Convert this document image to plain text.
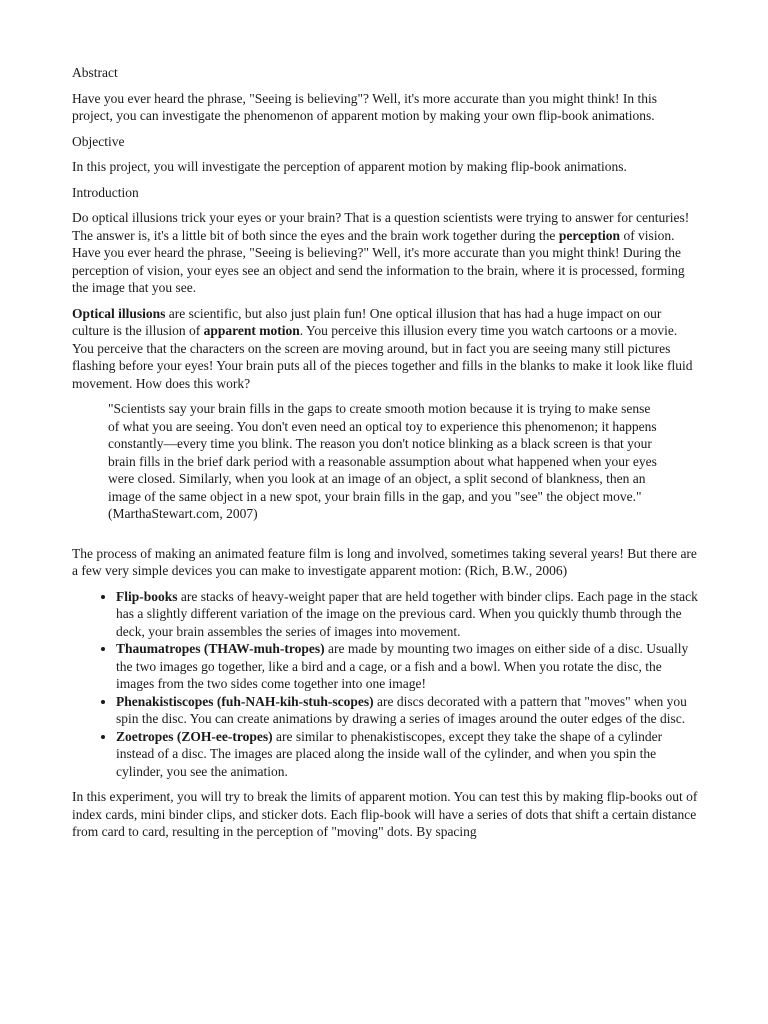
Abstract

Have you ever heard the phrase, "Seeing is believing"? Well, it's more accurate than you might think! In this project, you can investigate the phenomenon of apparent motion by making your own flip-book animations.

Objective

In this project, you will investigate the perception of apparent motion by making flip-book animations.

Introduction

Do optical illusions trick your eyes or your brain? That is a question scientists were trying to answer for centuries! The answer is, it's a little bit of both since the eyes and the brain work together during the perception of vision. Have you ever heard the phrase, "Seeing is believing?" Well, it's more accurate than you might think! During the perception of vision, your eyes see an object and send the information to the brain, where it is processed, forming the image that you see.

Optical illusions are scientific, but also just plain fun! One optical illusion that has had a huge impact on our culture is the illusion of apparent motion. You perceive this illusion every time you watch cartoons or a movie. You perceive that the characters on the screen are moving around, but in fact you are seeing many still pictures flashing before your eyes! Your brain puts all of the pieces together and fills in the blanks to make it look like fluid movement. How does this work?

"Scientists say your brain fills in the gaps to create smooth motion because it is trying to make sense of what you are seeing. You don't even need an optical toy to experience this phenomenon; it happens constantly—every time you blink. The reason you don't notice blinking as a black screen is that your brain fills in the brief dark period with a reasonable assumption about what happened when your eyes were closed. Similarly, when you look at an image of an object, a split second of blankness, then an image of the same object in a new spot, your brain fills in the gap, and you "see" the object move." (MarthaStewart.com, 2007)

The process of making an animated feature film is long and involved, sometimes taking several years! But there are a few very simple devices you can make to investigate apparent motion: (Rich, B.W., 2006)

• Flip-books are stacks of heavy-weight paper that are held together with binder clips. Each page in the stack has a slightly different variation of the image on the previous card. When you quickly thumb through the deck, your brain assembles the series of images into movement.
• Thaumatropes (THAW-muh-tropes) are made by mounting two images on either side of a disc. Usually the two images go together, like a bird and a cage, or a fish and a bowl. When you rotate the disc, the images from the two sides come together into one image!
• Phenakistiscopes (fuh-NAH-kih-stuh-scopes) are discs decorated with a pattern that "moves" when you spin the disc. You can create animations by drawing a series of images around the outer edges of the disc.
• Zoetropes (ZOH-ee-tropes) are similar to phenakistiscopes, except they take the shape of a cylinder instead of a disc. The images are placed along the inside wall of the cylinder, and when you spin the cylinder, you see the animation.

In this experiment, you will try to break the limits of apparent motion. You can test this by making flip-books out of index cards, mini binder clips, and sticker dots. Each flip-book will have a series of dots that shift a certain distance from card to card, resulting in the perception of "moving" dots. By spacing
